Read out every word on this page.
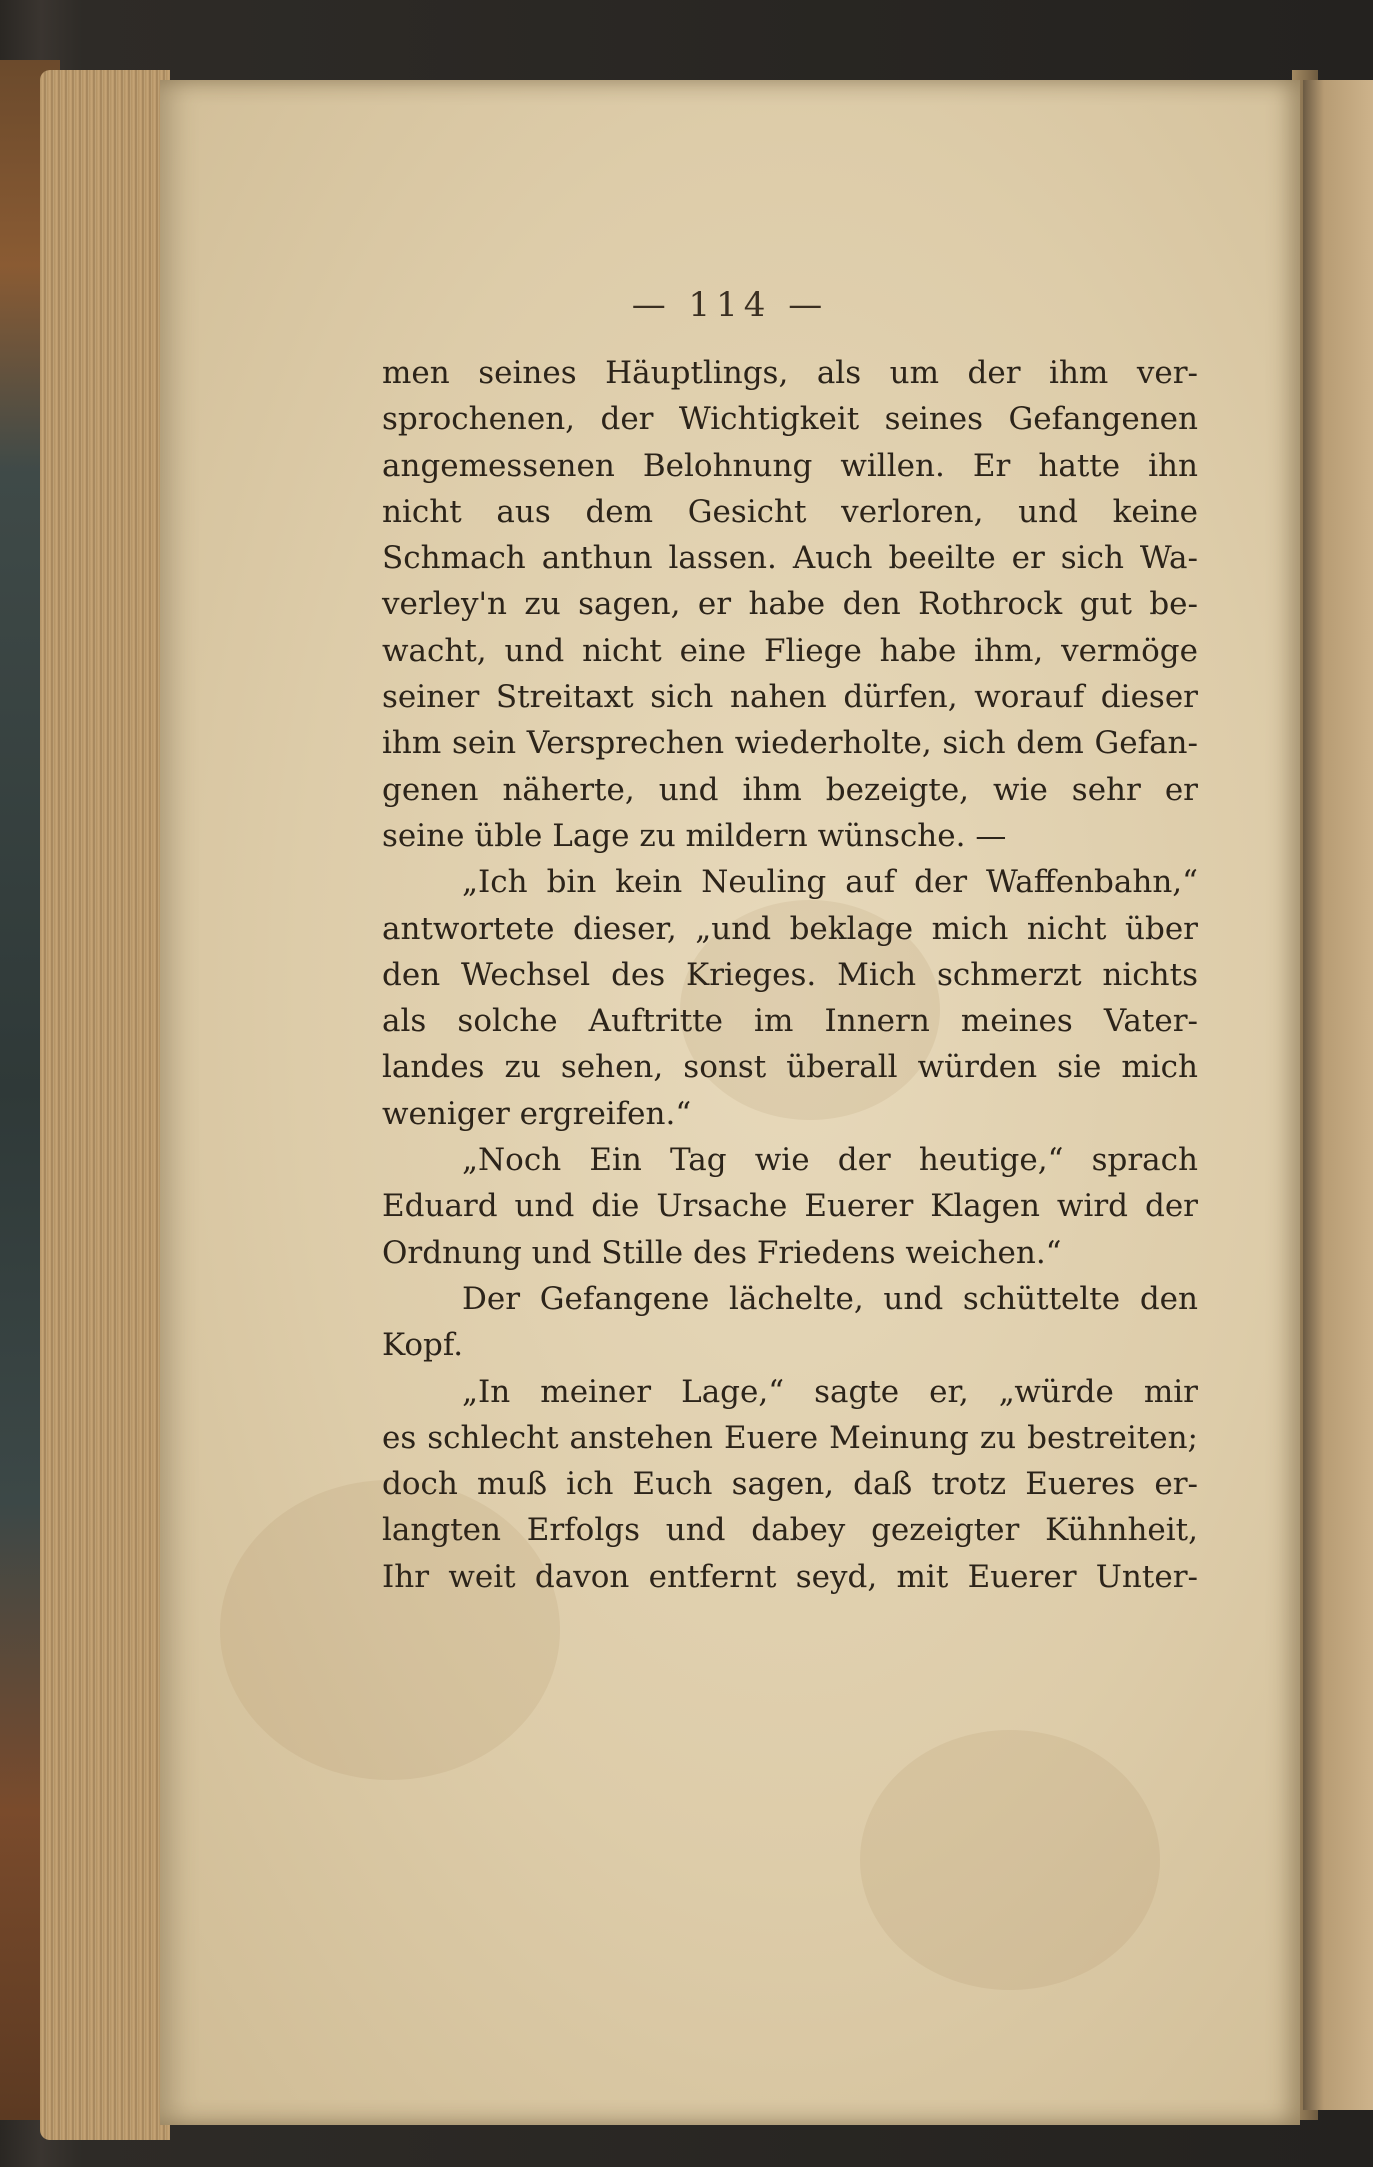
— 114 —
men seines Häuptlings, als um der ihm ver-
sprochenen, der Wichtigkeit seines Gefangenen
angemessenen Belohnung willen. Er hatte ihn
nicht aus dem Gesicht verloren, und keine
Schmach anthun lassen. Auch beeilte er sich Wa-
verley'n zu sagen, er habe den Rothrock gut be-
wacht, und nicht eine Fliege habe ihm, vermöge
seiner Streitaxt sich nahen dürfen, worauf dieser
ihm sein Versprechen wiederholte, sich dem Gefan-
genen näherte, und ihm bezeigte, wie sehr er
seine üble Lage zu mildern wünsche. —
„Ich bin kein Neuling auf der Waffenbahn,“
antwortete dieser, „und beklage mich nicht über
den Wechsel des Krieges. Mich schmerzt nichts
als solche Auftritte im Innern meines Vater-
landes zu sehen, sonst überall würden sie mich
weniger ergreifen.“
„Noch Ein Tag wie der heutige,“ sprach
Eduard und die Ursache Euerer Klagen wird der
Ordnung und Stille des Friedens weichen.“
Der Gefangene lächelte, und schüttelte den
Kopf.
„In meiner Lage,“ sagte er, „würde mir
es schlecht anstehen Euere Meinung zu bestreiten;
doch muß ich Euch sagen, daß trotz Eueres er-
langten Erfolgs und dabey gezeigter Kühnheit,
Ihr weit davon entfernt seyd, mit Euerer Unter-
